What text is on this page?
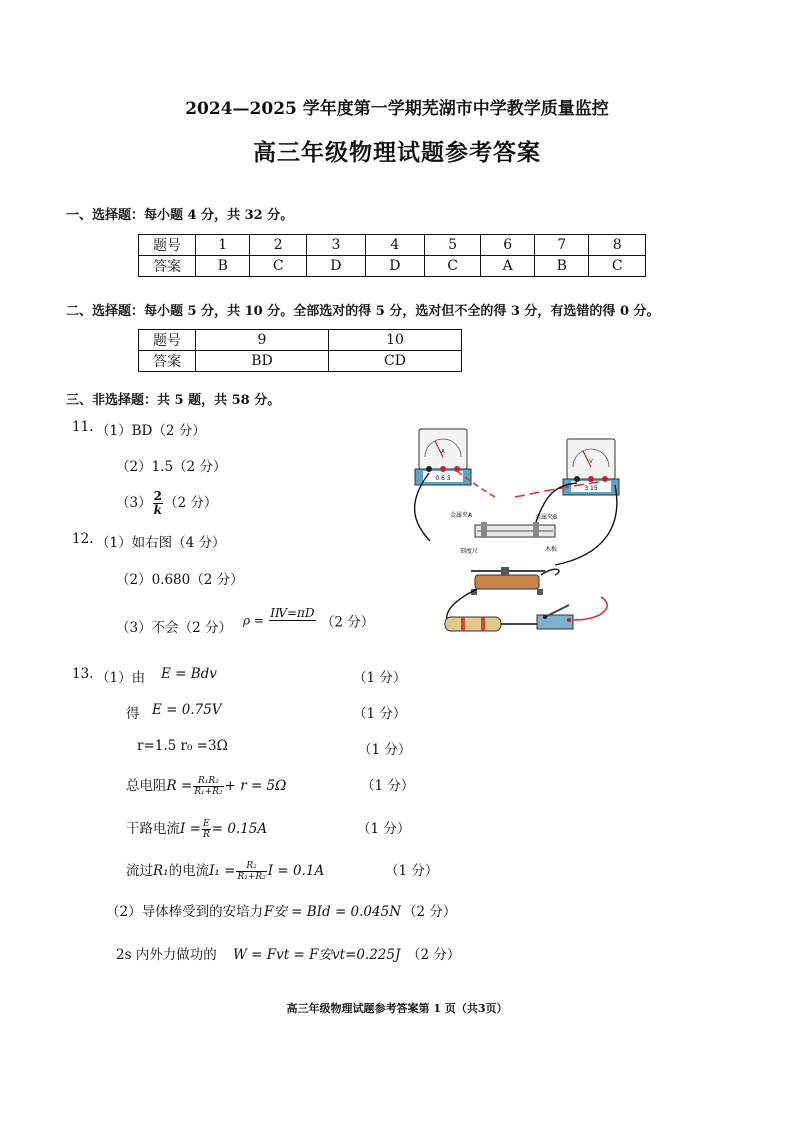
2024—2025 学年度第一学期芜湖市中学教学质量监控
高三年级物理试题参考答案
一、选择题：每小题 4 分，共 32 分。
题号	1	2	3	4	5	6	7	8
答案	B	C	D	D	C	A	B	C
二、选择题：每小题 5 分，共 10 分。全部选对的得 5 分，选对但不全的得 3 分，有选错的得 0 分。
题号	9	10
答案	BD	CD
三、非选择题：共 5 题，共 58 分。
11. （1）BD（2 分）
（2）1.5（2 分）
$(3) \frac{2}{k} (2$ 分）
12. （1）如右图（4 分）
（2）0.680（2 分）
（3）不会（2 分） ρ =
IⅣ=πD

（2 分）
13. （1）由 E = Bdv	（1 分）
得 E = 0.75V	（1 分）
r=1.5 r₀ =3Ω	（1 分）
总电阻$R = \frac{\text{R₁R₂}}{\text{R₁+R₂}} + r = 5\Omega$	（1 分）
干路电流$I = \frac{E}{R} = 0.15A$	（1 分）
流过R₁的电流$I_1 = \frac{\text{R₂}}{\text{R₁+R₂}}$ I = 0.1A	（1 分）
（2）导体棒受到的安培力 F安 = BId = 0.045N （2 分）
2s 内外力做功的 W = Fvt = F安vt=0.225J （2 分）
A
0.6 3
V
3 15
金属夹A	金属夹B
刻度尺	木板
高三年级物理试题参考答案第 1 页（共3页）
